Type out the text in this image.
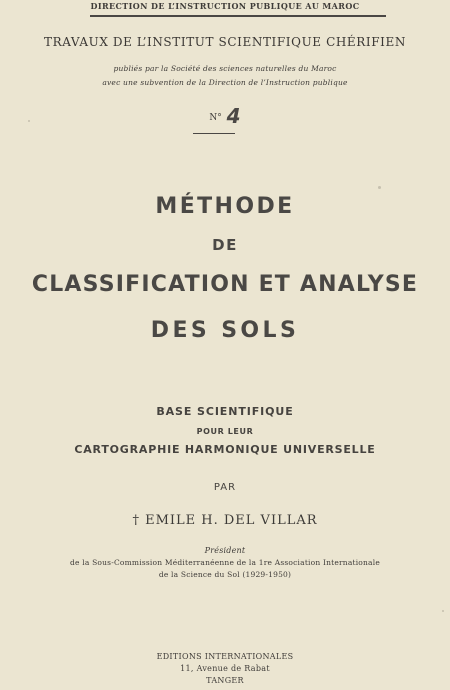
DIRECTION DE L’INSTRUCTION PUBLIQUE AU MAROC
TRAVAUX DE L’INSTITUT SCIENTIFIQUE CHÉRIFIEN
publiés par la Société des sciences naturelles du Maroc
avec une subvention de la Direction de l’Instruction publique
N° 4
MÉTHODE
DE
CLASSIFICATION ET ANALYSE
DES SOLS
BASE SCIENTIFIQUE
POUR LEUR
CARTOGRAPHIE HARMONIQUE UNIVERSELLE
PAR
† EMILE H. DEL VILLAR
Président
de la Sous-Commission Méditerranéenne de la 1re Association Internationale
de la Science du Sol (1929-1950)
EDITIONS INTERNATIONALES
11, Avenue de Rabat
TANGER
